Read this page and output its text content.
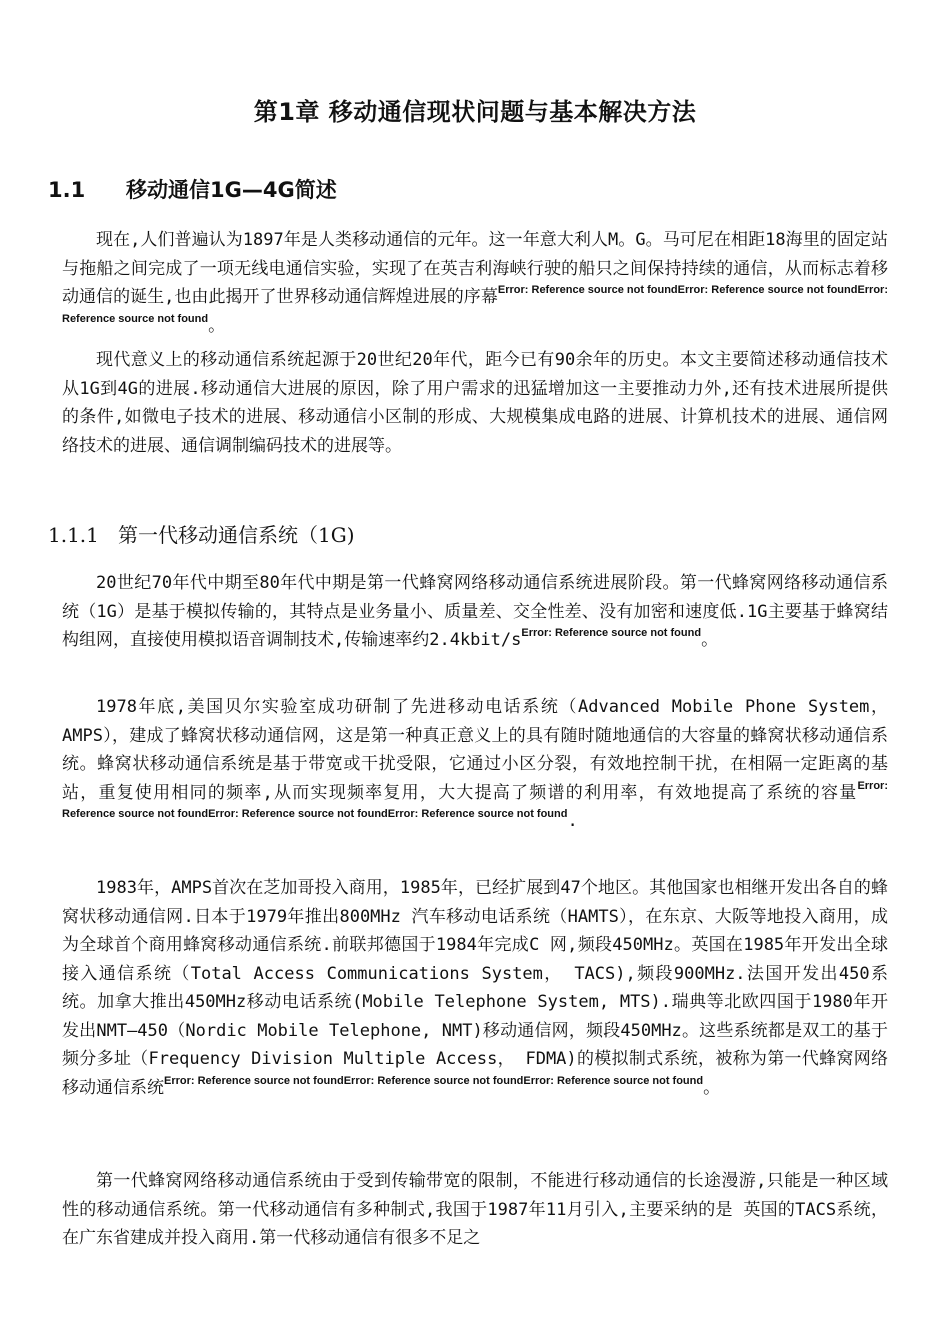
第1章 移动通信现状问题与基本解决方法
1.1 移动通信1G—4G简述

现在,人们普遍认为1897年是人类移动通信的元年。这一年意大利人M。G。马可尼在相距18海里的固定站与拖船之间完成了一项无线电通信实验，实现了在英吉利海峡行驶的船只之间保持持续的通信，从而标志着移动通信的诞生,也由此揭开了世界移动通信辉煌进展的序幕$^{Error: Reference source not foundError: Reference source not foundError: Reference source not found}$。

现代意义上的移动通信系统起源于20世纪20年代，距今已有90余年的历史。本文主要简述移动通信技术从1G到4G的进展.移动通信大进展的原因，除了用户需求的迅猛增加这一主要推动力外,还有技术进展所提供的条件,如微电子技术的进展、移动通信小区制的形成、大规模集成电路的进展、计算机技术的进展、通信网络技术的进展、通信调制编码技术的进展等。

1.1.1 第一代移动通信系统（1G)

20世纪70年代中期至80年代中期是第一代蜂窝网络移动通信系统进展阶段。第一代蜂窝网络移动通信系统（1G）是基于模拟传输的，其特点是业务量小、质量差、交全性差、没有加密和速度低.1G主要基于蜂窝结构组网，直接使用模拟语音调制技术,传输速率约2.4kbit/s$^{Error: Reference source not found}$。

1978年底,美国贝尔实验室成功研制了先进移动电话系统（Advanced Mobile Phone System， AMPS），建成了蜂窝状移动通信网，这是第一种真正意义上的具有随时随地通信的大容量的蜂窝状移动通信系统。蜂窝状移动通信系统是基于带宽或干扰受限，它通过小区分裂，有效地控制干扰，在相隔一定距离的基站，重复使用相同的频率,从而实现频率复用，大大提高了频谱的利用率，有效地提高了系统的容量$^{Error: Reference source not foundError: Reference source not foundError: Reference source not found}$.

1983年，AMPS首次在芝加哥投入商用，1985年，已经扩展到47个地区。其他国家也相继开发出各自的蜂窝状移动通信网.日本于1979年推出800MHz 汽车移动电话系统（HAMTS），在东京、大阪等地投入商用，成为全球首个商用蜂窝移动通信系统.前联邦德国于1984年完成C 网,频段450MHz。英国在1985年开发出全球接入通信系统（Total Access Communications System， TACS),频段900MHz.法国开发出450系统。加拿大推出450MHz移动电话系统(Mobile Telephone System, MTS).瑞典等北欧四国于1980年开发出NMT—450（Nordic Mobile Telephone, NMT)移动通信网，频段450MHz。这些系统都是双工的基于频分多址（Frequency Division Multiple Access， FDMA)的模拟制式系统，被称为第一代蜂窝网络移动通信系统$^{Error: Reference source not foundError: Reference source not foundError: Reference source not found}$。

第一代蜂窝网络移动通信系统由于受到传输带宽的限制，不能进行移动通信的长途漫游,只能是一种区域性的移动通信系统。第一代移动通信有多种制式,我国于1987年11月引入,主要采纳的是 英国的TACS系统，在广东省建成并投入商用.第一代移动通信有很多不足之
